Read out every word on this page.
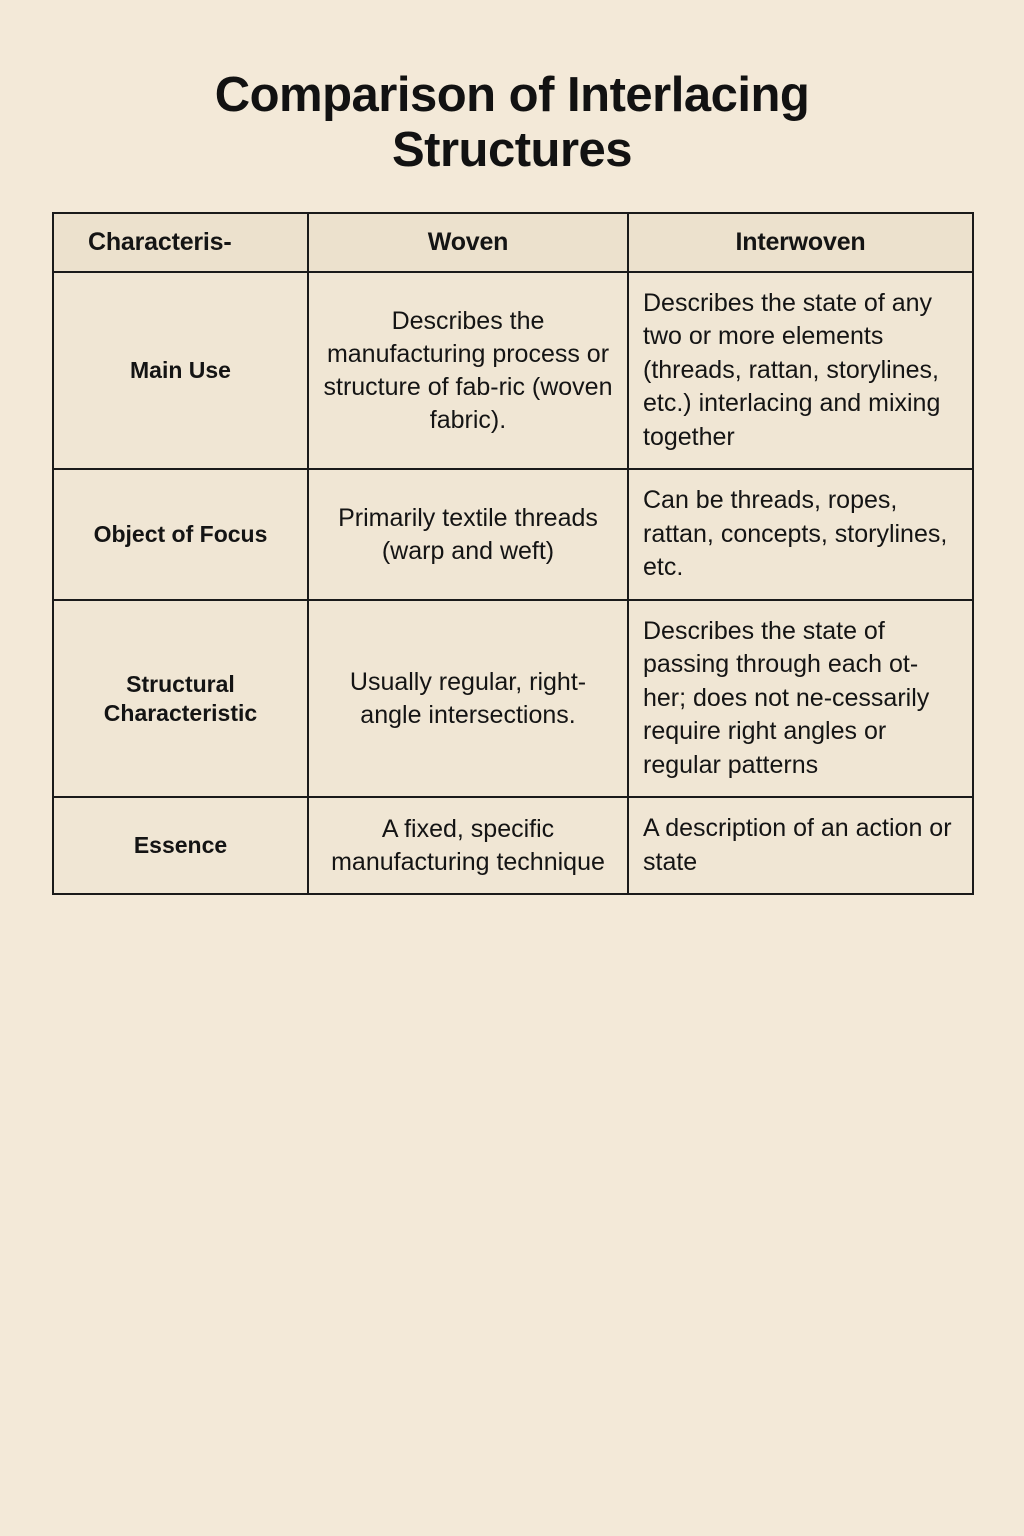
Comparison of Interlacing Structures
Characteris-	Woven	Interwoven
Main Use	Describes the manufacturing process or structure of fab-ric (woven fabric).	Describes the state of any two or more elements (threads, rattan, storylines, etc.) interlacing and mixing together
Object of Focus	Primarily textile threads (warp and weft)	Can be threads, ropes, rattan, concepts, storylines, etc.
Structural Characteristic	Usually regular, right-angle intersections.	Describes the state of passing through each ot-her; does not ne-cessarily require right angles or regular patterns
Essence	A fixed, specific manufacturing technique	A description of an action or state
